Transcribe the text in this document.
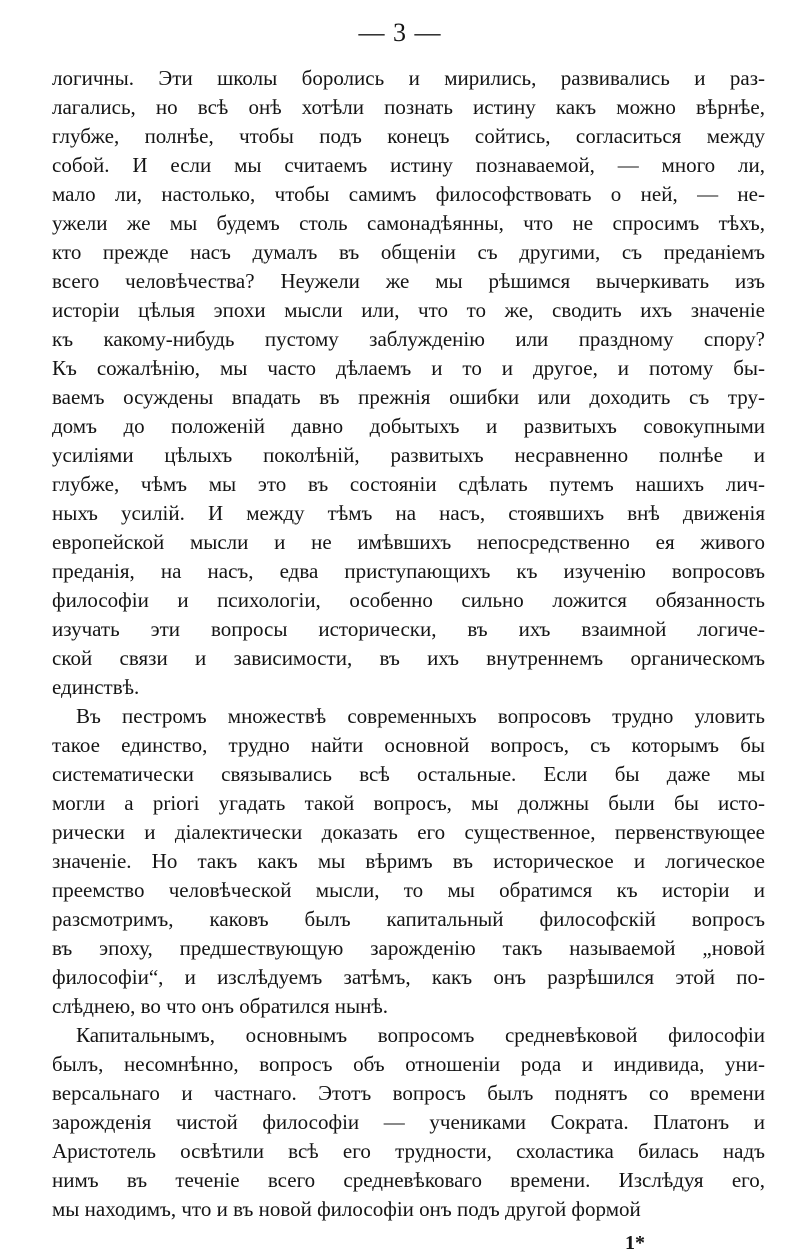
— 3 —
логичны. Эти школы боролись и мирились, развивались и раз-
лагались, но всѣ онѣ хотѣли познать истину какъ можно вѣрнѣе,
глубже, полнѣе, чтобы подъ конецъ сойтись, согласиться между
собой. И если мы считаемъ истину познаваемой, — много ли,
мало ли, настолько, чтобы самимъ философствовать о ней, — не-
ужели же мы будемъ столь самонадѣянны, что не спросимъ тѣхъ,
кто прежде насъ думалъ въ общеніи съ другими, съ преданіемъ
всего человѣчества? Неужели же мы рѣшимся вычеркивать изъ
исторіи цѣлыя эпохи мысли или, что то же, сводить ихъ значеніе
къ какому-нибудь пустому заблужденію или праздному спору?
Къ сожалѣнію, мы часто дѣлаемъ и то и другое, и потому бы-
ваемъ осуждены впадать въ прежнія ошибки или доходить съ тру-
домъ до положеній давно добытыхъ и развитыхъ совокупными
усиліями цѣлыхъ поколѣній, развитыхъ несравненно полнѣе и
глубже, чѣмъ мы это въ состояніи сдѣлать путемъ нашихъ лич-
ныхъ усилій. И между тѣмъ на насъ, стоявшихъ внѣ движенія
европейской мысли и не имѣвшихъ непосредственно ея живого
преданія, на насъ, едва приступающихъ къ изученію вопросовъ
философіи и психологіи, особенно сильно ложится обязанность
изучать эти вопросы исторически, въ ихъ взаимной логиче-
ской связи и зависимости, въ ихъ внутреннемъ органическомъ
единствѣ.
Въ пестромъ множествѣ современныхъ вопросовъ трудно уловить
такое единство, трудно найти основной вопросъ, съ которымъ бы
систематически связывались всѣ остальные. Если бы даже мы
могли a priori угадать такой вопросъ, мы должны были бы исто-
рически и діалектически доказать его существенное, первенствующее
значеніе. Но такъ какъ мы вѣримъ въ историческое и логическое
преемство человѣческой мысли, то мы обратимся къ исторіи и
разсмотримъ, каковъ былъ капитальный философскій вопросъ
въ эпоху, предшествующую зарожденію такъ называемой „новой
философіи“, и изслѣдуемъ затѣмъ, какъ онъ разрѣшился этой по-
слѣднею, во что онъ обратился нынѣ.
Капитальнымъ, основнымъ вопросомъ средневѣковой философіи
былъ, несомнѣнно, вопросъ объ отношеніи рода и индивида, уни-
версальнаго и частнаго. Этотъ вопросъ былъ поднятъ со времени
зарожденія чистой философіи — учениками Сократа. Платонъ и
Аристотель освѣтили всѣ его трудности, схоластика билась надъ
нимъ въ теченіе всего средневѣковаго времени. Изслѣдуя его,
мы находимъ, что и въ новой философіи онъ подъ другой формой
1*
